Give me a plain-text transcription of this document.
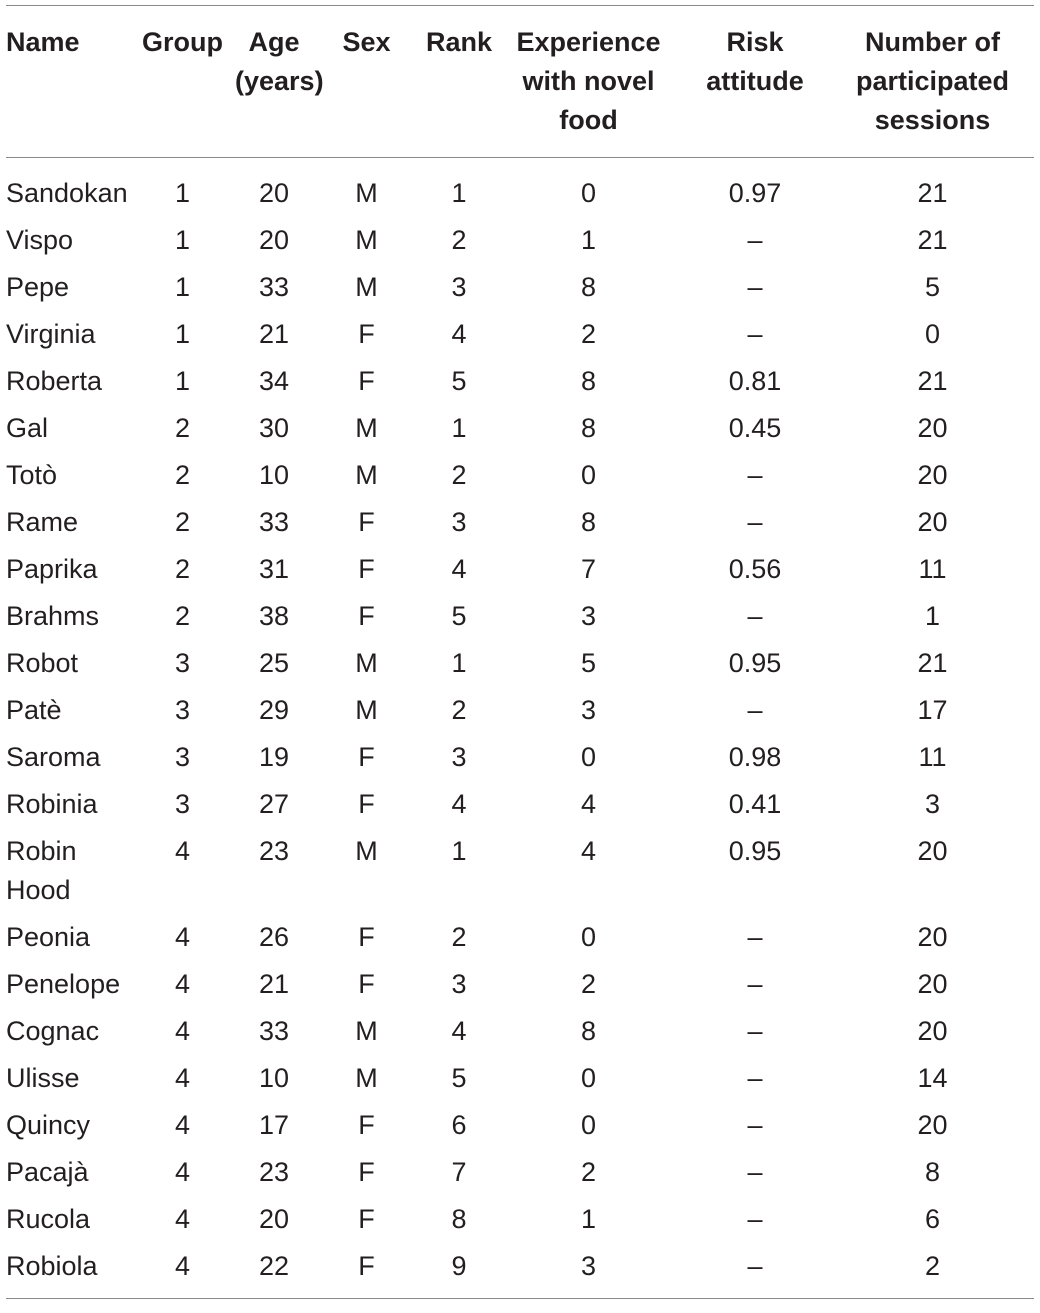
Name	Group	Age (years)	Sex	Rank	Experience with novel food	Risk attitude	Number of participated sessions
Sandokan	1	20	M	1	0	0.97	21
Vispo	1	20	M	2	1	–	21
Pepe	1	33	M	3	8	–	5
Virginia	1	21	F	4	2	–	0
Roberta	1	34	F	5	8	0.81	21
Gal	2	30	M	1	8	0.45	20
Totò	2	10	M	2	0	–	20
Rame	2	33	F	3	8	–	20
Paprika	2	31	F	4	7	0.56	11
Brahms	2	38	F	5	3	–	1
Robot	3	25	M	1	5	0.95	21
Patè	3	29	M	2	3	–	17
Saroma	3	19	F	3	0	0.98	11
Robinia	3	27	F	4	4	0.41	3
Robin Hood	4	23	M	1	4	0.95	20
Peonia	4	26	F	2	0	–	20
Penelope	4	21	F	3	2	–	20
Cognac	4	33	M	4	8	–	20
Ulisse	4	10	M	5	0	–	14
Quincy	4	17	F	6	0	–	20
Pacajà	4	23	F	7	2	–	8
Rucola	4	20	F	8	1	–	6
Robiola	4	22	F	9	3	–	2
